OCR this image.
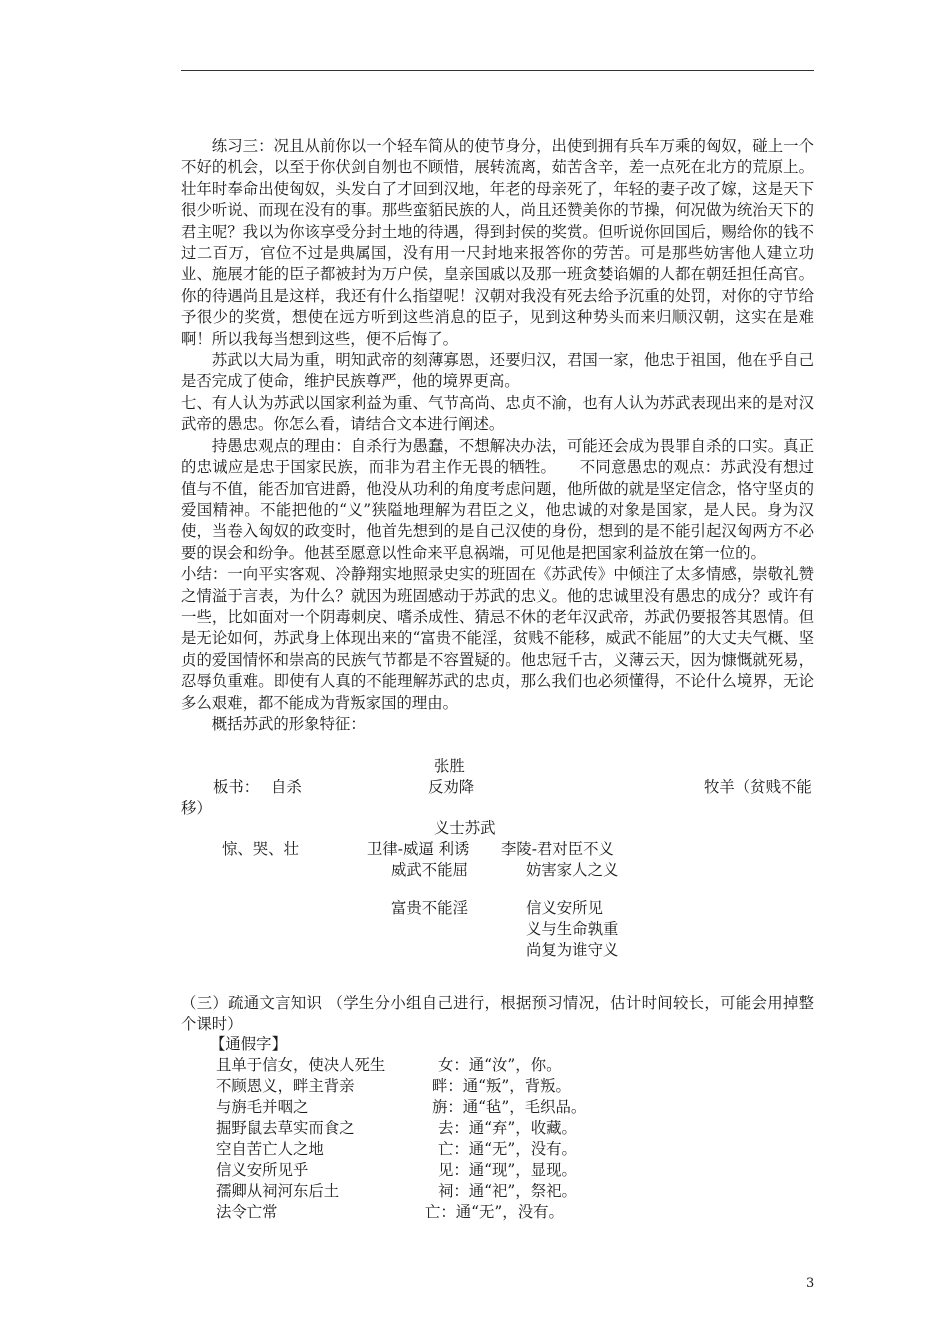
练习三：况且从前你以一个轻车简从的使节身分，出使到拥有兵车万乘的匈奴，碰上一个不好的机会，以至于你伏剑自刎也不顾惜，展转流离，茹苦含辛，差一点死在北方的荒原上。壮年时奉命出使匈奴，头发白了才回到汉地，年老的母亲死了，年轻的妻子改了嫁，这是天下很少听说、而现在没有的事。那些蛮貊民族的人，尚且还赞美你的节操，何况做为统治天下的君主呢？我以为你该享受分封土地的待遇，得到封侯的奖赏。但听说你回国后，赐给你的钱不过二百万，官位不过是典属国，没有用一尺封地来报答你的劳苦。可是那些妨害他人建立功业、施展才能的臣子都被封为万户侯，皇亲国戚以及那一班贪婪谄媚的人都在朝廷担任高官。你的待遇尚且是这样，我还有什么指望呢！汉朝对我没有死去给予沉重的处罚，对你的守节给予很少的奖赏，想使在远方听到这些消息的臣子，见到这种势头而来归顺汉朝，这实在是难啊！所以我每当想到这些，便不后悔了。

苏武以大局为重，明知武帝的刻薄寡恩，还要归汉，君国一家，他忠于祖国，他在乎自己是否完成了使命，维护民族尊严，他的境界更高。

七、有人认为苏武以国家利益为重、气节高尚、忠贞不渝，也有人认为苏武表现出来的是对汉武帝的愚忠。你怎么看，请结合文本进行阐述。

持愚忠观点的理由：自杀行为愚蠢，不想解决办法，可能还会成为畏罪自杀的口实。真正的忠诚应是忠于国家民族，而非为君主作无畏的牺牲。　　不同意愚忠的观点：苏武没有想过值与不值，能否加官进爵，他没从功利的角度考虑问题，他所做的就是坚定信念，恪守坚贞的爱国精神。不能把他的“义”狭隘地理解为君臣之义，他忠诚的对象是国家，是人民。身为汉使，当卷入匈奴的政变时，他首先想到的是自己汉使的身份，想到的是不能引起汉匈两方不必要的误会和纷争。他甚至愿意以性命来平息祸端，可见他是把国家利益放在第一位的。

小结：一向平实客观、冷静翔实地照录史实的班固在《苏武传》中倾注了太多情感，崇敬礼赞之情溢于言表，为什么？就因为班固感动于苏武的忠义。他的忠诚里没有愚忠的成分？或许有一些，比如面对一个阴毒刺戾、嗜杀成性、猜忌不休的老年汉武帝，苏武仍要报答其恩情。但是无论如何，苏武身上体现出来的“富贵不能淫，贫贱不能移，威武不能屈”的大丈夫气概、坚贞的爱国情怀和崇高的民族气节都是不容置疑的。他忠冠千古，义薄云天，因为慷慨就死易，忍辱负重难。即使有人真的不能理解苏武的忠贞，那么我们也必须懂得，不论什么境界，无论多么艰难，都不能成为背叛家国的理由。

概括苏武的形象特征：

张胜
板书： 自杀	反劝降	牧羊（贫贱不能
移）
义士苏武
惊、哭、壮	卫律-威逼 利诱 李陵-君对臣不义
威武不能屈	妨害家人之义
富贵不能淫	信义安所见
义与生命孰重
尚复为谁守义
（三）疏通文言知识 （学生分小组自己进行，根据预习情况，估计时间较长，可能会用掉整个课时）
【通假字】
且单于信女，使决人死生	女：通“汝”，你。
不顾恩义，畔主背亲	畔：通“叛”，背叛。
与旃毛并咽之	旃：通“毡”，毛织品。
掘野鼠去草实而食之	去：通“弃”，收藏。
空自苦亡人之地	亡：通“无”，没有。
信义安所见乎	见：通“现”，显现。
孺卿从祠河东后土	祠：通“祀”，祭祀。
法令亡常	亡：通“无”，没有。
3
